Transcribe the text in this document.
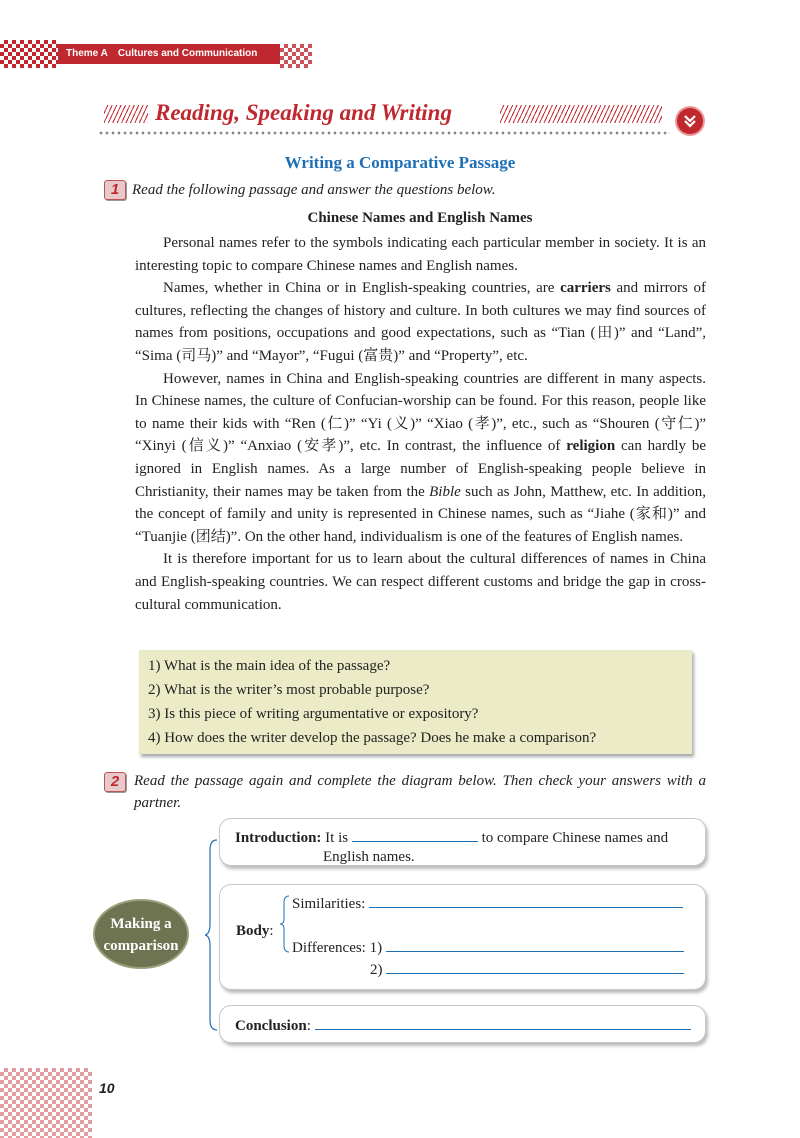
Theme A Cultures and Communication
Reading, Speaking and Writing
Writing a Comparative Passage
1 Read the following passage and answer the questions below.
Chinese Names and English Names

Personal names refer to the symbols indicating each particular member in society. It is an interesting topic to compare Chinese names and English names.

Names, whether in China or in English-speaking countries, are carriers and mirrors of cultures, reflecting the changes of history and culture. In both cultures we may find sources of names from positions, occupations and good expectations, such as “Tian (田)” and “Land”, “Sima (司马)” and “Mayor”, “Fugui (富贵)” and “Property”, etc.

However, names in China and English-speaking countries are different in many aspects. In Chinese names, the culture of Confucian-worship can be found. For this reason, people like to name their kids with “Ren (仁)” “Yi (义)” “Xiao (孝)”, etc., such as “Shouren (守仁)” “Xinyi (信义)” “Anxiao (安孝)”, etc. In contrast, the influence of religion can hardly be ignored in English names. As a large number of English-speaking people believe in Christianity, their names may be taken from the Bible such as John, Matthew, etc. In addition, the concept of family and unity is represented in Chinese names, such as “Jiahe (家和)” and “Tuanjie (团结)”. On the other hand, individualism is one of the features of English names.

It is therefore important for us to learn about the cultural differences of names in China and English-speaking countries. We can respect different customs and bridge the gap in cross-cultural communication.

1) What is the main idea of the passage?
2) What is the writer’s most probable purpose?
3) Is this piece of writing argumentative or expository?
4) How does the writer develop the passage? Does he make a comparison?
2 Read the passage again and complete the diagram below. Then check your answers with a partner.
Making a
comparison
Introduction: It is	to compare Chinese names and
English names.
Body:
Similarities:
Differences: 1)
2)
Conclusion:
10
